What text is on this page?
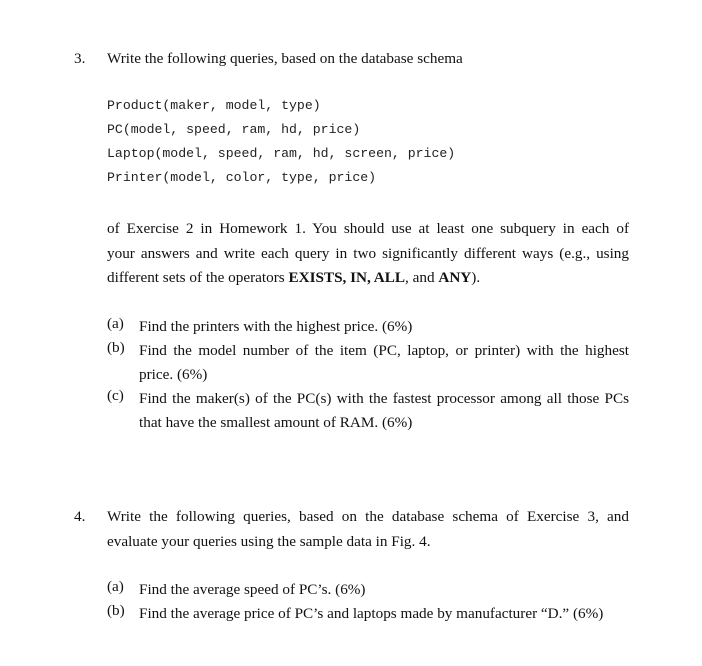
3. Write the following queries, based on the database schema
Product(maker, model, type)
PC(model, speed, ram, hd, price)
Laptop(model, speed, ram, hd, screen, price)
Printer(model, color, type, price)
of Exercise 2 in Homework 1. You should use at least one subquery in each of
your answers and write each query in two significantly different ways (e.g., using
different sets of the operators EXISTS, IN, ALL, and ANY).
(a) Find the printers with the highest price. (6%)
(b) Find the model number of the item (PC, laptop, or printer) with the highest
price. (6%)
(c) Find the maker(s) of the PC(s) with the fastest processor among all those PCs
that have the smallest amount of RAM. (6%)
4. Write the following queries, based on the database schema of Exercise 3, and
evaluate your queries using the sample data in Fig. 4.
(a) Find the average speed of PC’s. (6%)
(b) Find the average price of PC’s and laptops made by manufacturer “D.” (6%)
